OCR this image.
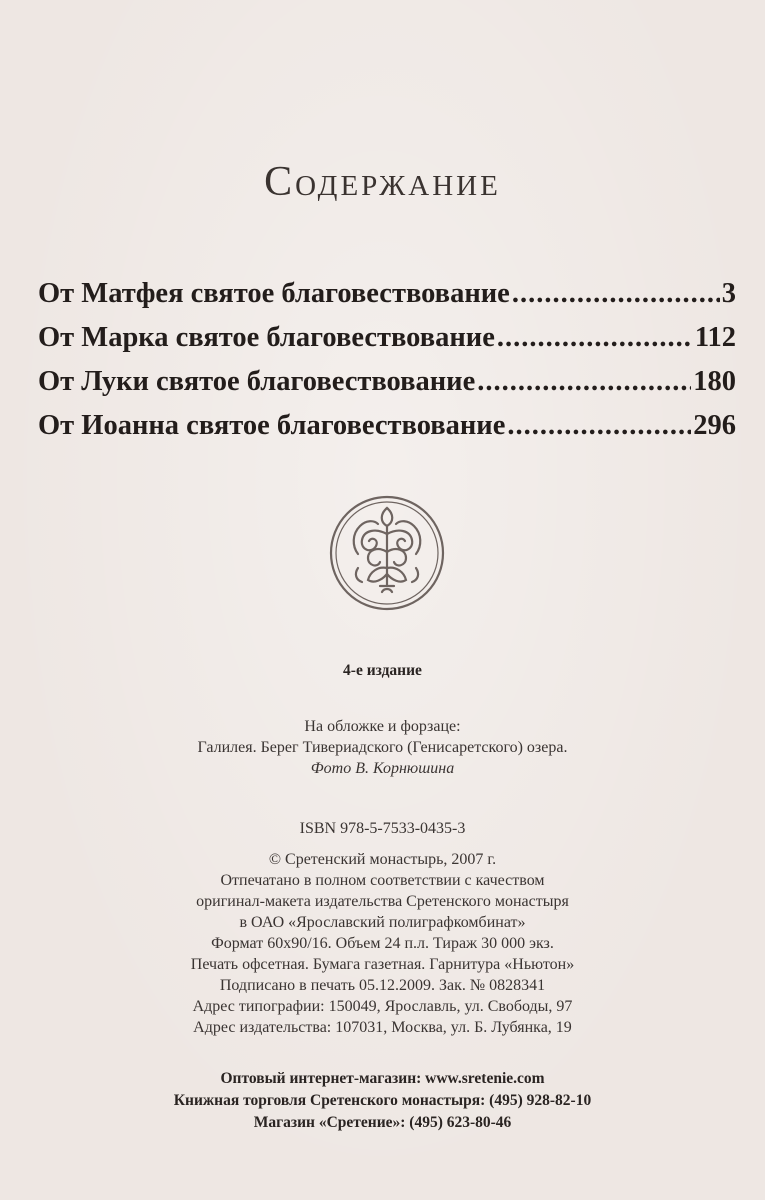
Содержание
От Матфея святое благовествование .....	3
От Марка святое благовествование .....	112
От Луки святое благовествование .....	180
От Иоанна святое благовествование .....	296
4-е издание
На обложке и форзаце:
Галилея. Берег Тивериадского (Генисаретского) озера.
Фото В. Корнюшина
ISBN 978-5-7533-0435-3
© Сретенский монастырь, 2007 г.
Отпечатано в полном соответствии с качеством
оригинал-макета издательства Сретенского монастыря
в ОАО «Ярославский полиграфкомбинат»
Формат 60x90/16. Объем 24 п.л. Тираж 30 000 экз.
Печать офсетная. Бумага газетная. Гарнитура «Ньютон»
Подписано в печать 05.12.2009. Зак. № 0828341
Адрес типографии: 150049, Ярославль, ул. Свободы, 97
Адрес издательства: 107031, Москва, ул. Б. Лубянка, 19
Оптовый интернет-магазин: www.sretenie.com
Книжная торговля Сретенского монастыря: (495) 928-82-10
Магазин «Сретение»: (495) 623-80-46
